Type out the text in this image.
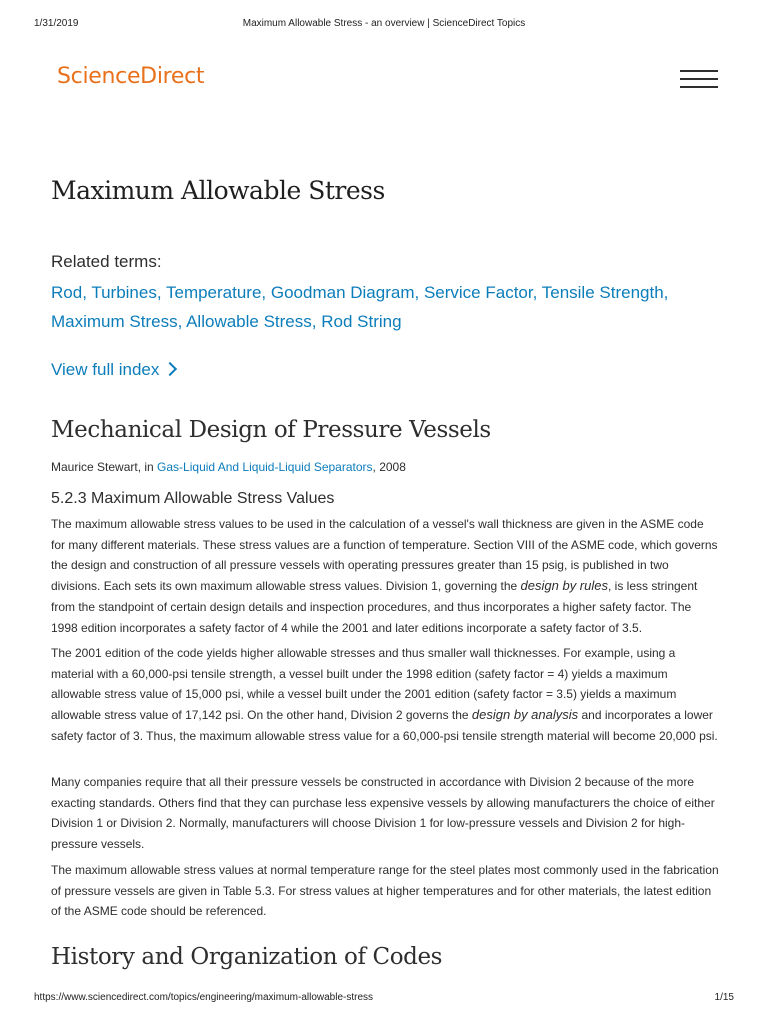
1/31/2019	Maximum Allowable Stress - an overview | ScienceDirect Topics
ScienceDirect
Maximum Allowable Stress
Related terms:
Rod, Turbines, Temperature, Goodman Diagram, Service Factor, Tensile Strength, Maximum Stress, Allowable Stress, Rod String
View full index
Mechanical Design of Pressure Vessels
Maurice Stewart, in Gas-Liquid And Liquid-Liquid Separators, 2008
5.2.3 Maximum Allowable Stress Values

The maximum allowable stress values to be used in the calculation of a vessel's wall thickness are given in the ASME code for many different materials. These stress values are a function of temperature. Section VIII of the ASME code, which governs the design and construction of all pressure vessels with operating pressures greater than 15 psig, is published in two divisions. Each sets its own maximum allowable stress values. Division 1, governing the design by rules, is less stringent from the standpoint of certain design details and inspection procedures, and thus incorporates a higher safety factor. The 1998 edition incorporates a safety factor of 4 while the 2001 and later editions incorporate a safety factor of 3.5.

The 2001 edition of the code yields higher allowable stresses and thus smaller wall thicknesses. For example, using a material with a 60,000-psi tensile strength, a vessel built under the 1998 edition (safety factor = 4) yields a maximum allowable stress value of 15,000 psi, while a vessel built under the 2001 edition (safety factor = 3.5) yields a maximum allowable stress value of 17,142 psi. On the other hand, Division 2 governs the design by analysis and incorporates a lower safety factor of 3. Thus, the maximum allowable stress value for a 60,000-psi tensile strength material will become 20,000 psi.

Many companies require that all their pressure vessels be constructed in accordance with Division 2 because of the more exacting standards. Others find that they can purchase less expensive vessels by allowing manufacturers the choice of either Division 1 or Division 2. Normally, manufacturers will choose Division 1 for low-pressure vessels and Division 2 for high-pressure vessels.

The maximum allowable stress values at normal temperature range for the steel plates most commonly used in the fabrication of pressure vessels are given in Table 5.3. For stress values at higher temperatures and for other materials, the latest edition of the ASME code should be referenced.

History and Organization of Codes
https://www.sciencedirect.com/topics/engineering/maximum-allowable-stress	1/15
